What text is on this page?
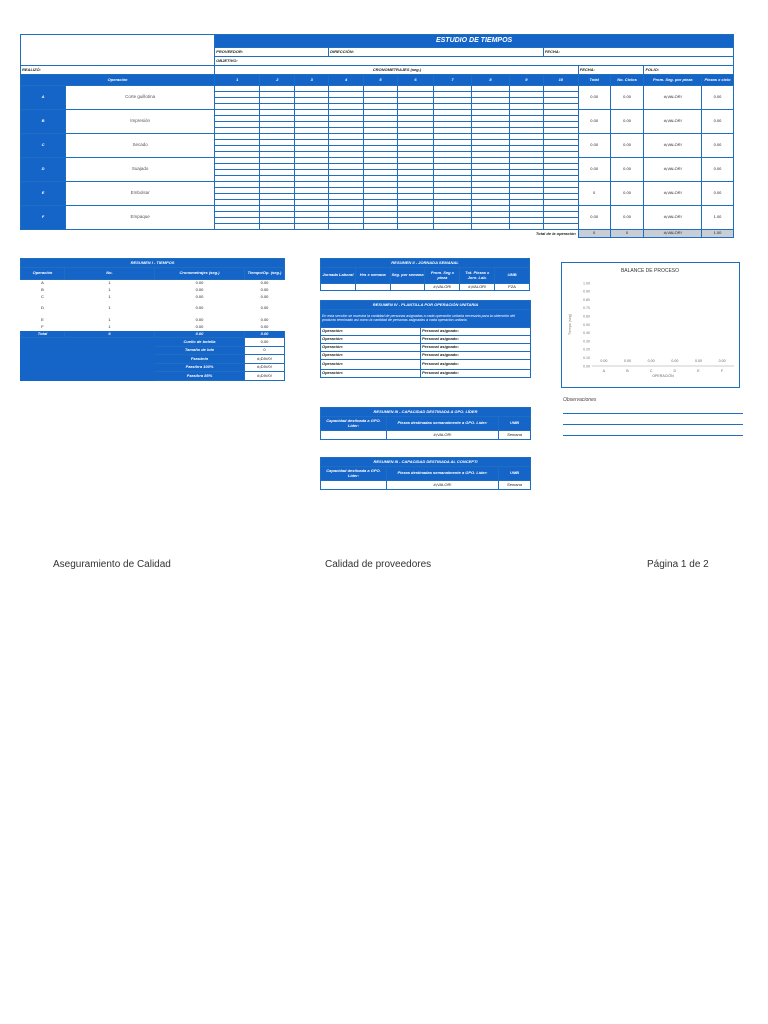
		ESTUDIO DE TIEMPOS													
		PROVEEDOR:			DIRECCIÓN:						FECHA:				
		OBJETIVO:													
REALIZÓ:		CRONOMETRAJES (seg.)										FECHA:		FOLIO:	
Operación		1	2	3	4	5	6	7	8	9	10	Total	No. Ciclos	Prom. Seg. por pieza	Piezas x ciclo
A	Corte guillotina											0.00	0.00	#¡VALOR!	0.00

B	Impresión											0.00	0.00	#¡VALOR!	0.00

C	Secado											0.00	0.00	#¡VALOR!	0.00

D	Suajado											0.00	0.00	#¡VALOR!	0.00

E	Embolsar											0	0.00	#¡VALOR!	0.00

F	Empaque											0.00	0.00	#¡VALOR!	1.00

Total de la operación												0	0	#¡VALOR!	1.00
RESUMEN I - TIEMPOS			
Operación	No.	Cronometrajes (seg.)	Tiempo/Op. (seg.)
A	1	0.00	0.00
B	1	0.00	0.00
C	1	0.00	0.00
D	1	0.00	0.00
E	1	0.00	0.00
F	1	0.00	0.00
Total	6	0.00	0.00
		Cuello de botella	0.00
		Tamaño de lote	0
		Pzas/min	#¡DIV/0!
		Pzas/hra 100%	#¡DIV/0!
		Pzas/hra 85%	#¡DIV/0!
RESUMEN II - JORNADA SEMANAL					
Jornada Laboral	Hrs x semana	Seg. por semana	Prom. Seg x pieza	Tot. Piezas x Jorn. Lab.	UMB
			#¡VALOR!	#¡VALOR!	PZA
RESUMEN IV - PLANTILLA POR OPERACIÓN UNITARIA	
En esta sección se muestra la cantidad de personas asignadas a cada operación unitaria necesaria para la obtención del producto terminado así como la cantidad de personas asignadas a cada operación unitaria.	
Operación:	Personal asignado:
Operación:	Personal asignado:
Operación:	Personal asignado:
Operación:	Personal asignado:
Operación:	Personal asignado:
Operación:	Personal asignado:
RESUMEN III - CAPACIDAD DESTINADA A GPO. LÍDER		
Capacidad destinada a GPO. Líder:	Piezas destinadas semanalmente a GPO. Líder:	UMB
	#¡VALOR!	Semana
RESUMEN III - CAPACIDAD DESTINADA AL CONCEPTI		
Capacidad destinada a GPO. Líder:	Piezas destinadas semanalmente a GPO. Líder:	UMB
	#¡VALOR!	Semana
BALANCE DE PROCESO
1.00
0.90
0.80
0.70
0.60
0.50
0.40
0.30
0.20
0.10
0.00
Tiempo (seg)
0.00
A
0.00
B
0.00
C
0.00
D
0.00
E
0.00
F
OPERACIÓN
Observaciones
Aseguramiento de Calidad	Calidad de proveedores	Página 1 de 2
